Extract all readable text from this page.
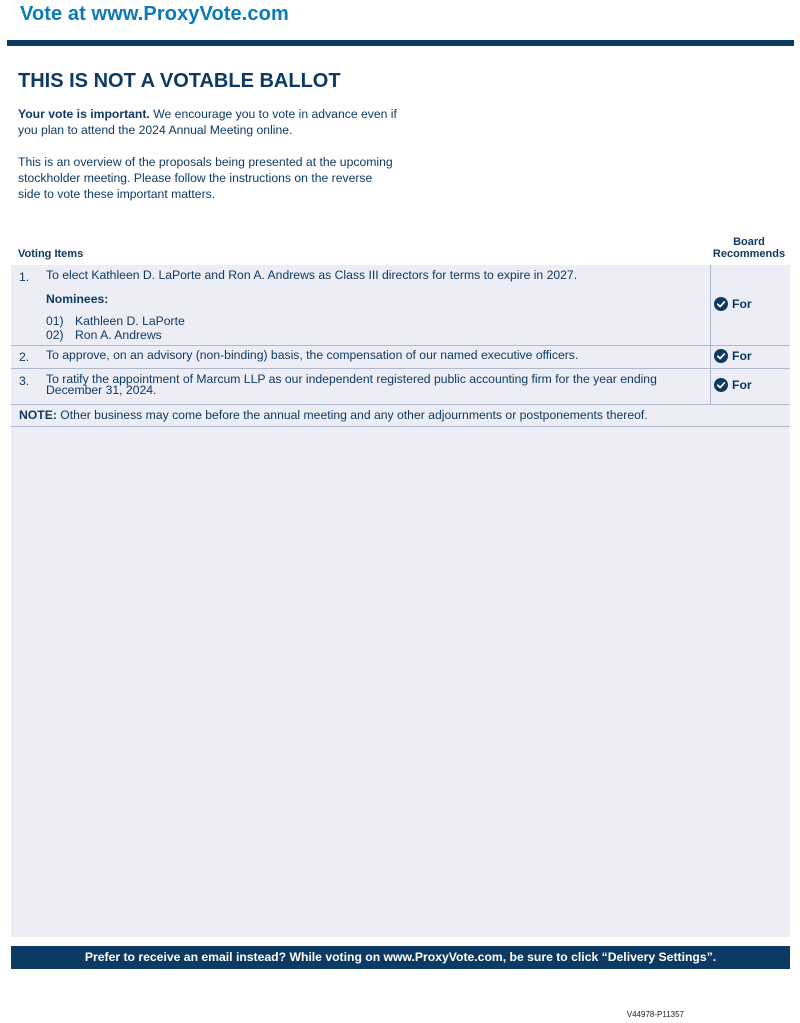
Vote at www.ProxyVote.com
THIS IS NOT A VOTABLE BALLOT
Your vote is important. We encourage you to vote in advance even if you plan to attend the 2024 Annual Meeting online.
This is an overview of the proposals being presented at the upcoming stockholder meeting. Please follow the instructions on the reverse side to vote these important matters.
Voting Items
Board
Recommends
1. To elect Kathleen D. LaPorte and Ron A. Andrews as Class III directors for terms to expire in 2027.
Nominees:
01) Kathleen D. LaPorte
02) Ron A. Andrews
For
2. To approve, on an advisory (non-binding) basis, the compensation of our named executive officers.	For
3. To ratify the appointment of Marcum LLP as our independent registered public accounting firm for the year ending December 31, 2024.	For
NOTE: Other business may come before the annual meeting and any other adjournments or postponements thereof.
Prefer to receive an email instead? While voting on www.ProxyVote.com, be sure to click “Delivery Settings”.
V44978-P11357
